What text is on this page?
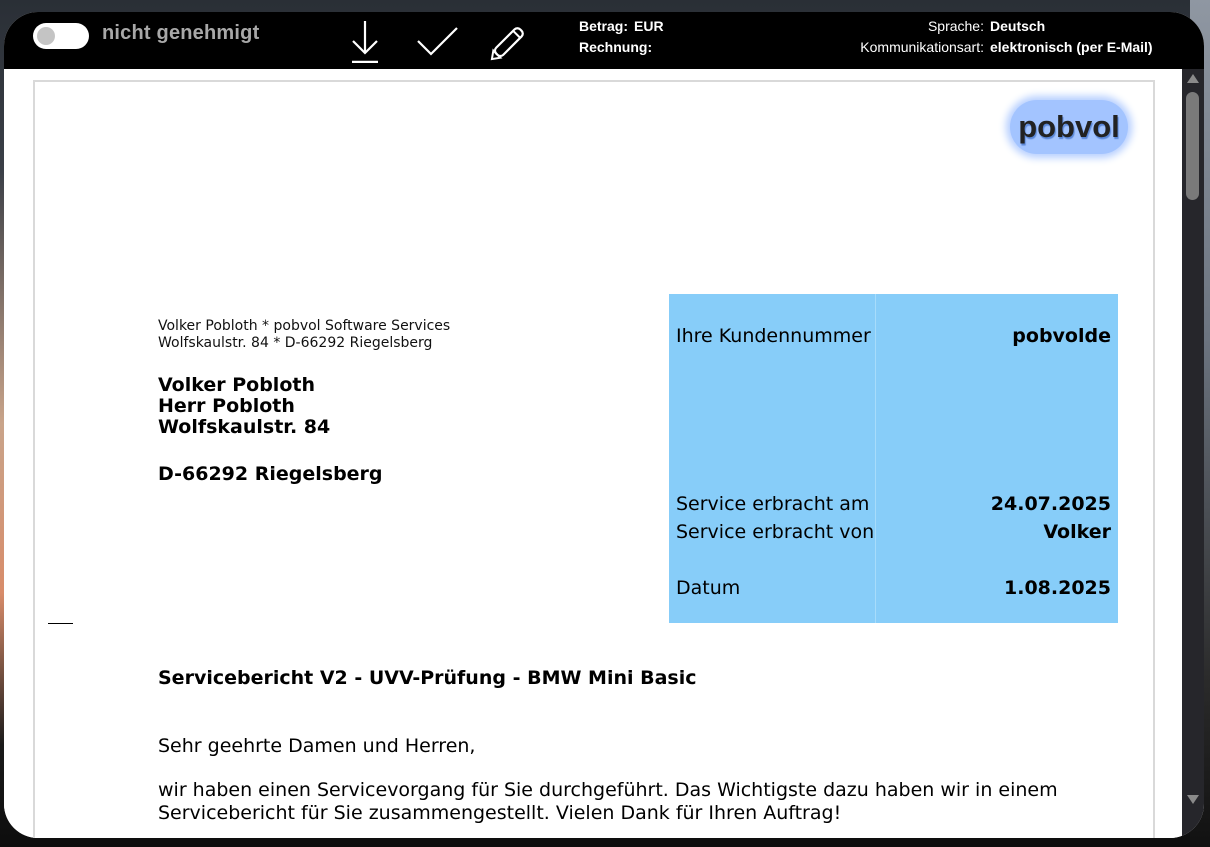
nicht genehmigt	Betrag: EUR
Rechnung:
Sprache: Deutsch
Kommunikationsart: elektronisch (per E-Mail)
pobvol
Volker Pobloth * pobvol Software Services
Wolfskaulstr. 84 * D-66292 Riegelsberg
Volker Pobloth
Herr Pobloth
Wolfskaulstr. 84
D-66292 Riegelsberg
Ihre Kundennummer	pobvolde
Service erbracht am	24.07.2025
Service erbracht von	Volker
Datum	1.08.2025
Servicebericht V2 - UVV-Prüfung - BMW Mini Basic
Sehr geehrte Damen und Herren,
wir haben einen Servicevorgang für Sie durchgeführt. Das Wichtigste dazu haben wir in einem Servicebericht für Sie zusammengestellt. Vielen Dank für Ihren Auftrag!
